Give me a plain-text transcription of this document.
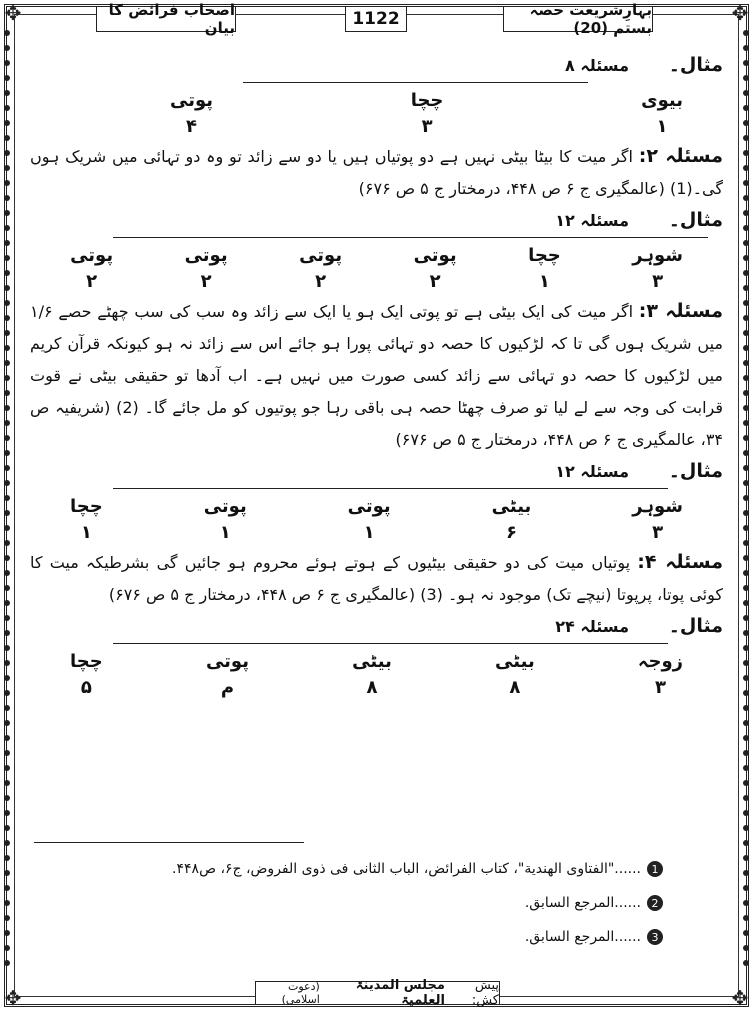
✥	✥
✥	✥
بہارِشریعت حصہ بستم (20)
1122
اصحاب فرائض کا بیان
مثال۔
مسئلہ ۸
بیوی
۱
چچا
۳
پوتی
۴

مسئلہ ۲: اگر میت کا بیٹا بیٹی نہیں ہے دو پوتیاں ہیں یا دو سے زائد تو وہ دو تہائی میں شریک ہوں گی۔(1) (عالمگیری ج ۶ ص ۴۴۸، درمختار ج ۵ ص ۶۷۶)

مثال۔
مسئلہ ۱۲
شوہر
۳
چچا
۱
پوتی
۲
پوتی
۲
پوتی
۲
پوتی
۲

مسئلہ ۳: اگر میت کی ایک بیٹی ہے تو پوتی ایک ہو یا ایک سے زائد وہ سب کی سب چھٹے حصے ۱/۶ میں شریک ہوں گی تا کہ لڑکیوں کا حصہ دو تہائی پورا ہو جائے اس سے زائد نہ ہو کیونکہ قرآن کریم میں لڑکیوں کا حصہ دو تہائی سے زائد کسی صورت میں نہیں ہے۔ اب آدھا تو حقیقی بیٹی نے قوت قرابت کی وجہ سے لے لیا تو صرف چھٹا حصہ ہی باقی رہا جو پوتیوں کو مل جائے گا۔ (2) (شریفیہ ص ۳۴، عالمگیری ج ۶ ص ۴۴۸، درمختار ج ۵ ص ۶۷۶)

مثال۔
مسئلہ ۱۲
شوہر
۳
بیٹی
۶
پوتی
۱
پوتی
۱
چچا
۱

مسئلہ ۴: پوتیاں میت کی دو حقیقی بیٹیوں کے ہوتے ہوئے محروم ہو جائیں گی بشرطیکہ میت کا کوئی پوتا، پرپوتا (نیچے تک) موجود نہ ہو۔ (3) (عالمگیری ج ۶ ص ۴۴۸، درمختار ج ۵ ص ۶۷۶)

مثال۔
مسئلہ ۲۴
زوجہ
۳
بیٹی
۸
بیٹی
۸
پوتی
م
چچا
۵
1
......"الفتاوی الھندیة"، کتاب الفرائض، الباب الثانی فی ذوی الفروض، ج۶، ص۴۴۸.
2
......المرجع السابق.
3
......المرجع السابق.
پیش کش:
مجلس المدینۃ العلمیۃ
(دعوت اسلامی)
